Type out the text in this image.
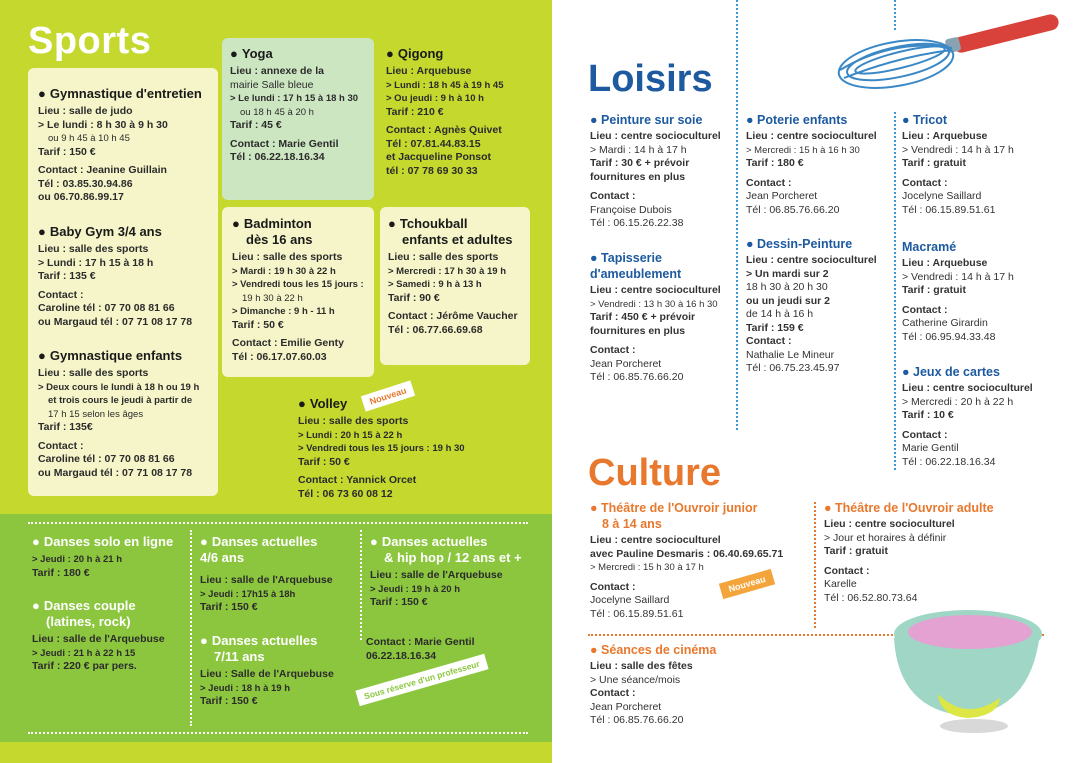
Sports
● Gymnastique d'entretien
Lieu : salle de judo
> Le lundi : 8 h 30 à 9 h 30
ou 9 h 45 à 10 h 45
Tarif : 150 €
Contact : Jeanine Guillain
Tél : 03.85.30.94.86
ou 06.70.86.99.17
● Baby Gym 3/4 ans
Lieu : salle des sports
> Lundi : 17 h 15 à 18 h
Tarif : 135 €
Contact :
Caroline tél : 07 70 08 81 66
ou Margaud tél : 07 71 08 17 78
● Gymnastique enfants
Lieu : salle des sports
> Deux cours le lundi à 18 h ou 19 h
et trois cours le jeudi à partir de
17 h 15 selon les âges
Tarif : 135€
Contact :
Caroline tél : 07 70 08 81 66
ou Margaud tél : 07 71 08 17 78
● Yoga
Lieu : annexe de la
mairie Salle bleue
> Le lundi : 17 h 15 à 18 h 30
ou 18 h 45 à 20 h
Tarif : 45 €
Contact : Marie Gentil
Tél : 06.22.18.16.34
● Qigong
Lieu : Arquebuse
> Lundi : 18 h 45 à 19 h 45
> Ou jeudi : 9 h à 10 h
Tarif : 210 €
Contact : Agnès Quivet
Tél : 07.81.44.83.15
et Jacqueline Ponsot
tél : 07 78 69 30 33
● Badminton
dès 16 ans
Lieu : salle des sports
> Mardi : 19 h 30 à 22 h
> Vendredi tous les 15 jours :
19 h 30 à 22 h
> Dimanche : 9 h - 11 h
Tarif : 50 €
Contact : Emilie Genty
Tél : 06.17.07.60.03
● Tchoukball
enfants et adultes
Lieu : salle des sports
> Mercredi : 17 h 30 à 19 h
> Samedi : 9 h à 13 h
Tarif : 90 €
Contact : Jérôme Vaucher
Tél : 06.77.66.69.68
● Volley
Lieu : salle des sports
> Lundi : 20 h 15 à 22 h
> Vendredi tous les 15 jours : 19 h 30
Tarif : 50 €
Contact : Yannick Orcet
Tél : 06 73 60 08 12
Nouveau
● Danses solo en ligne
> Jeudi : 20 h à 21 h
Tarif : 180 €
● Danses couple
(latines, rock)
Lieu : salle de l'Arquebuse
> Jeudi : 21 h à 22 h 15
Tarif : 220 € par pers.
● Danses actuelles
4/6 ans
Lieu : salle de l'Arquebuse
> Jeudi : 17h15 à 18h
Tarif : 150 €
● Danses actuelles
7/11 ans
Lieu : Salle de l'Arquebuse
> Jeudi : 18 h à 19 h
Tarif : 150 €
● Danses actuelles
& hip hop / 12 ans et +
Lieu : salle de l'Arquebuse
> Jeudi : 19 h à 20 h
Tarif : 150 €
Contact : Marie Gentil
06.22.18.16.34
Sous réserve d'un professeur
Loisirs
Culture
● Peinture sur soie
Lieu : centre socioculturel
> Mardi : 14 h à 17 h
Tarif : 30 € + prévoir
fournitures en plus
Contact :
Françoise Dubois
Tél : 06.15.26.22.38
● Tapisserie
d'ameublement
Lieu : centre socioculturel
> Vendredi : 13 h 30 à 16 h 30
Tarif : 450 € + prévoir
fournitures en plus
Contact :
Jean Porcheret
Tél : 06.85.76.66.20
● Poterie enfants
Lieu : centre socioculturel
> Mercredi : 15 h à 16 h 30
Tarif : 180 €
Contact :
Jean Porcheret
Tél : 06.85.76.66.20
● Dessin-Peinture
Lieu : centre socioculturel
> Un mardi sur 2
18 h 30 à 20 h 30
ou un jeudi sur 2
de 14 h à 16 h
Tarif : 159 €
Contact :
Nathalie Le Mineur
Tél : 06.75.23.45.97
● Tricot
Lieu : Arquebuse
> Vendredi : 14 h à 17 h
Tarif : gratuit
Contact :
Jocelyne Saillard
Tél : 06.15.89.51.61
Macramé
Lieu : Arquebuse
> Vendredi : 14 h à 17 h
Tarif : gratuit
Contact :
Catherine Girardin
Tél : 06.95.94.33.48
● Jeux de cartes
Lieu : centre socioculturel
> Mercredi : 20 h à 22 h
Tarif : 10 €
Contact :
Marie Gentil
Tél : 06.22.18.16.34
● Théâtre de l'Ouvroir junior
8 à 14 ans
Lieu : centre socioculturel
avec Pauline Desmaris : 06.40.69.65.71
> Mercredi : 15 h 30 à 17 h
Contact :
Jocelyne Saillard
Tél : 06.15.89.51.61
● Théâtre de l'Ouvroir adulte
Lieu : centre socioculturel
> Jour et horaires à définir
Tarif : gratuit
Contact :
Karelle
Tél : 06.52.80.73.64
● Séances de cinéma
Lieu : salle des fêtes
> Une séance/mois
Contact :
Jean Porcheret
Tél : 06.85.76.66.20
Nouveau
